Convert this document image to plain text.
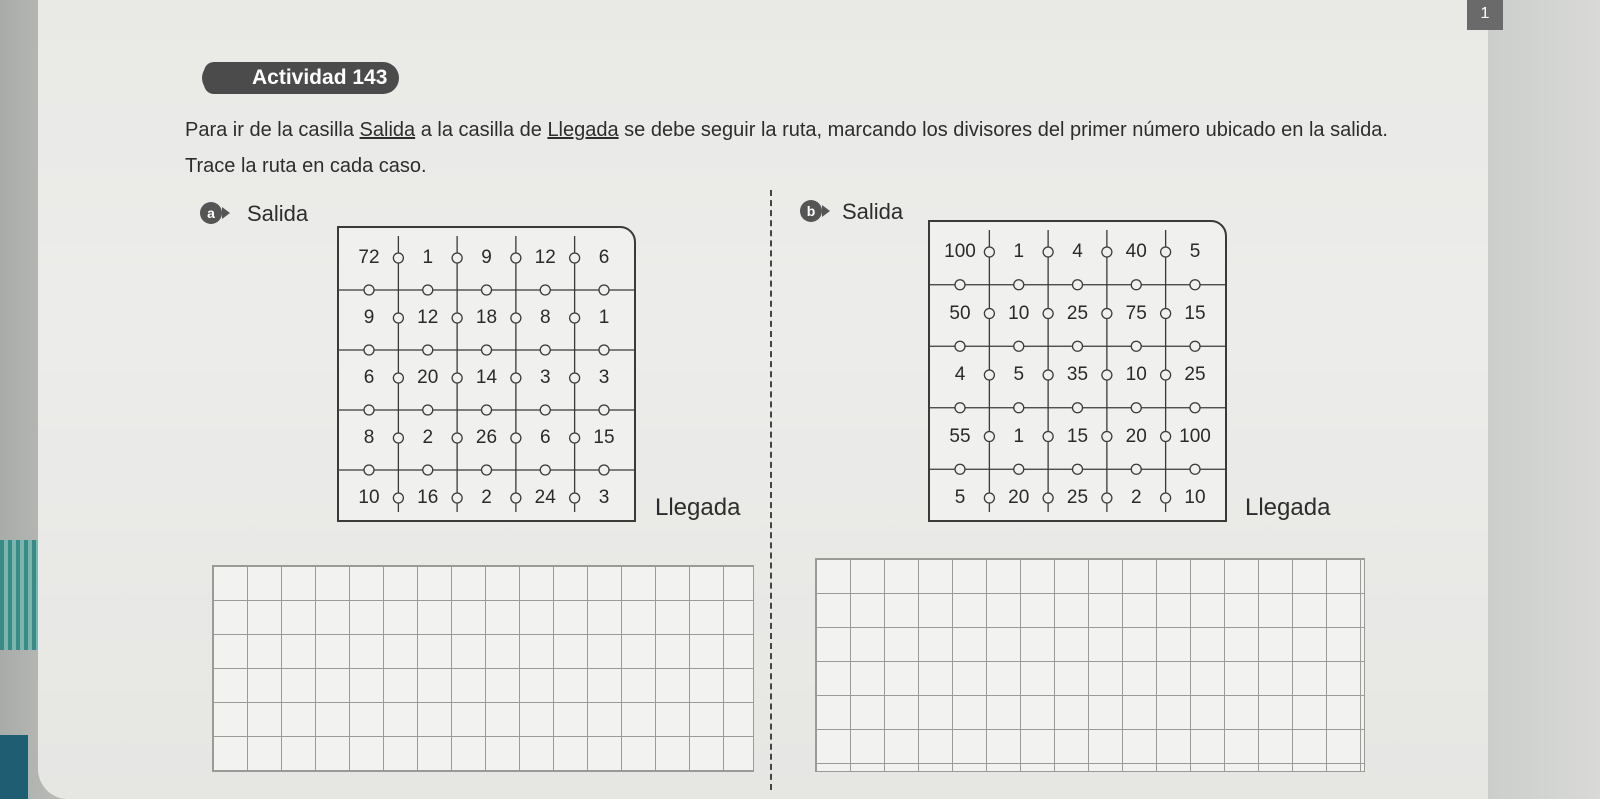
1
Actividad 143
Para ir de la casilla Salida a la casilla de Llegada se debe seguir la ruta, marcando los divisores del primer número ubicado en la salida. Trace la ruta en cada caso.
a	Salida
72	1	9	12	6
9	12	18	8	1
6	20	14	3	3
8	2	26	6	15
10	16	2	24	3	Llegada
b	Salida
100	1	4	40	5
50	10	25	75	15
4	5	35	10	25
55	1	15	20	100
5	20	25	2	10	Llegada
